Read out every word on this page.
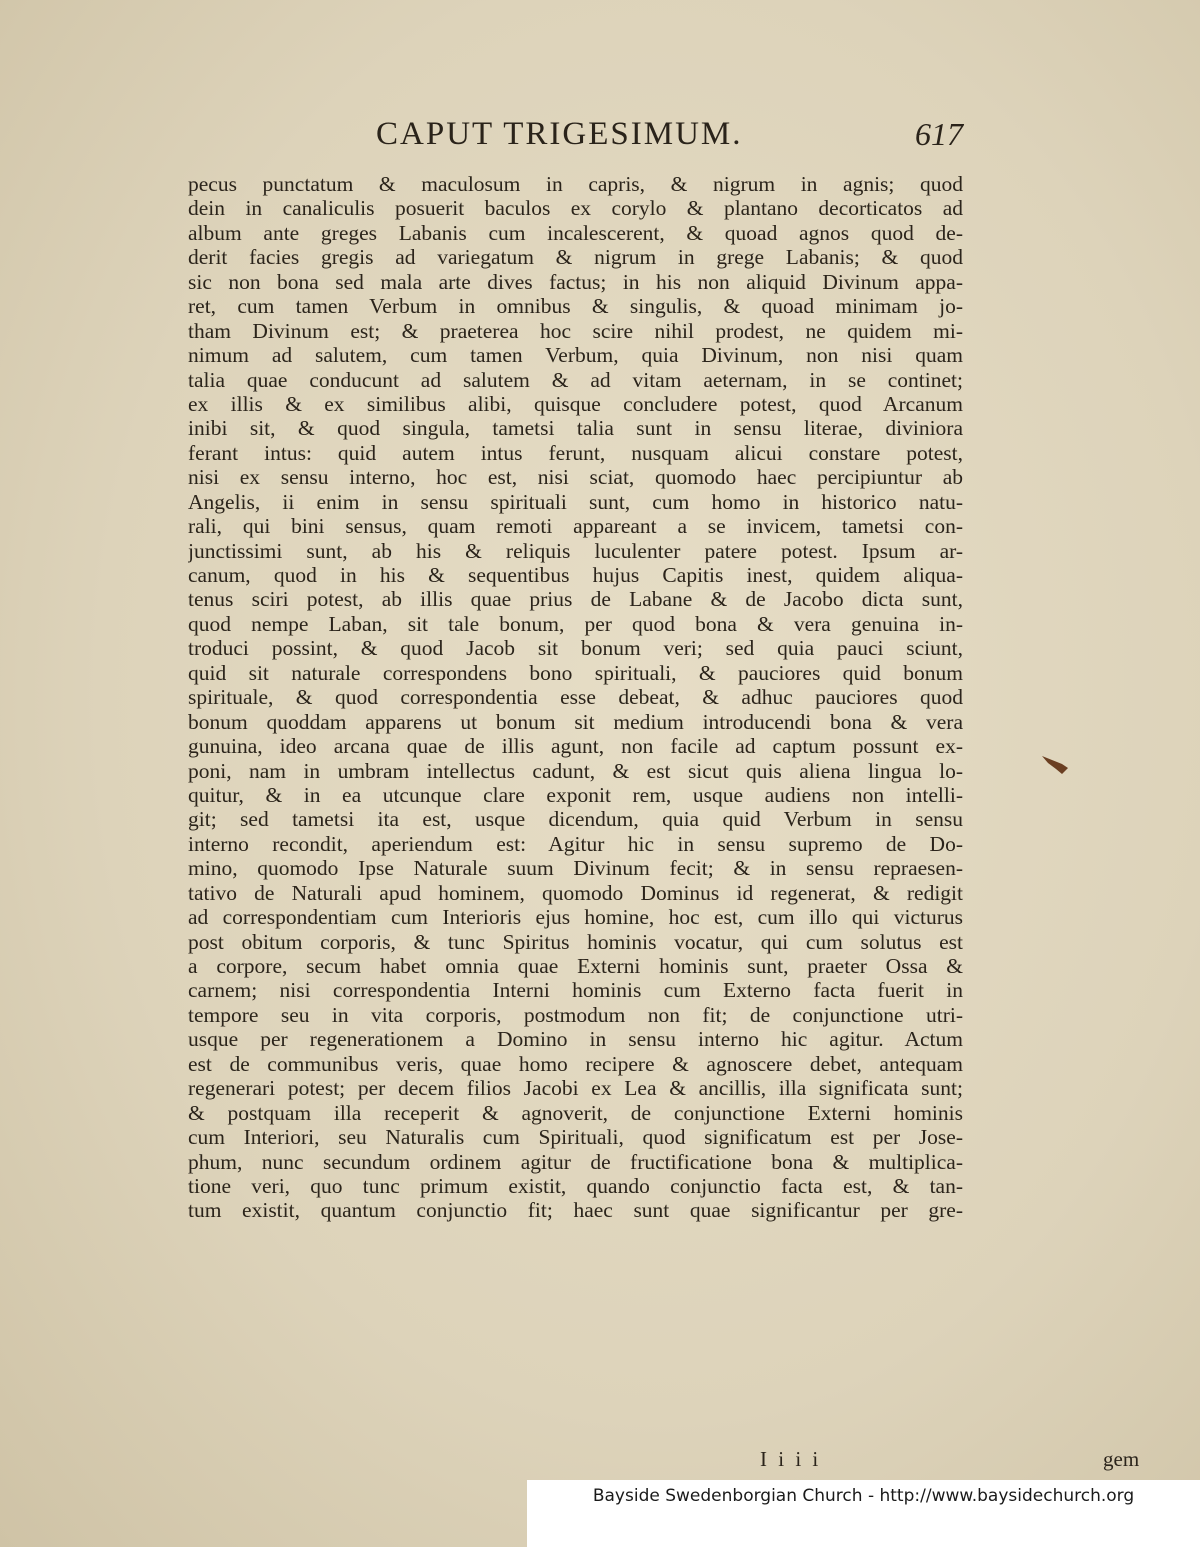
CAPUT TRIGESIMUM.	617
pecus punctatum & maculosum in capris, & nigrum in agnis; quod
dein in canaliculis posuerit baculos ex corylo & plantano decorticatos ad
album ante greges Labanis cum incalescerent, & quoad agnos quod de-
derit facies gregis ad variegatum & nigrum in grege Labanis; & quod
sic non bona sed mala arte dives factus; in his non aliquid Divinum appa-
ret, cum tamen Verbum in omnibus & singulis, & quoad minimam jo-
tham Divinum est; & praeterea hoc scire nihil prodest, ne quidem mi-
nimum ad salutem, cum tamen Verbum, quia Divinum, non nisi quam
talia quae conducunt ad salutem & ad vitam aeternam, in se continet;
ex illis & ex similibus alibi, quisque concludere potest, quod Arcanum
inibi sit, & quod singula, tametsi talia sunt in sensu literae, diviniora
ferant intus: quid autem intus ferunt, nusquam alicui constare potest,
nisi ex sensu interno, hoc est, nisi sciat, quomodo haec percipiuntur ab
Angelis, ii enim in sensu spirituali sunt, cum homo in historico natu-
rali, qui bini sensus, quam remoti appareant a se invicem, tametsi con-
junctissimi sunt, ab his & reliquis luculenter patere potest. Ipsum ar-
canum, quod in his & sequentibus hujus Capitis inest, quidem aliqua-
tenus sciri potest, ab illis quae prius de Labane & de Jacobo dicta sunt,
quod nempe Laban, sit tale bonum, per quod bona & vera genuina in-
troduci possint, & quod Jacob sit bonum veri; sed quia pauci sciunt,
quid sit naturale correspondens bono spirituali, & pauciores quid bonum
spirituale, & quod correspondentia esse debeat, & adhuc pauciores quod
bonum quoddam apparens ut bonum sit medium introducendi bona & vera
gunuina, ideo arcana quae de illis agunt, non facile ad captum possunt ex-
poni, nam in umbram intellectus cadunt, & est sicut quis aliena lingua lo-
quitur, & in ea utcunque clare exponit rem, usque audiens non intelli-
git; sed tametsi ita est, usque dicendum, quia quid Verbum in sensu
interno recondit, aperiendum est: Agitur hic in sensu supremo de Do-
mino, quomodo Ipse Naturale suum Divinum fecit; & in sensu repraesen-
tativo de Naturali apud hominem, quomodo Dominus id regenerat, & redigit
ad correspondentiam cum Interioris ejus homine, hoc est, cum illo qui victurus
post obitum corporis, & tunc Spiritus hominis vocatur, qui cum solutus est
a corpore, secum habet omnia quae Externi hominis sunt, praeter Ossa &
carnem; nisi correspondentia Interni hominis cum Externo facta fuerit in
tempore seu in vita corporis, postmodum non fit; de conjunctione utri-
usque per regenerationem a Domino in sensu interno hic agitur. Actum
est de communibus veris, quae homo recipere & agnoscere debet, antequam
regenerari potest; per decem filios Jacobi ex Lea & ancillis, illa significata sunt;
& postquam illa receperit & agnoverit, de conjunctione Externi hominis
cum Interiori, seu Naturalis cum Spirituali, quod significatum est per Jose-
phum, nunc secundum ordinem agitur de fructificatione bona & multiplica-
tione veri, quo tunc primum existit, quando conjunctio facta est, & tan-
tum existit, quantum conjunctio fit; haec sunt quae significantur per gre-
I i i i	gem
Bayside Swedenborgian Church - http://www.baysidechurch.org
